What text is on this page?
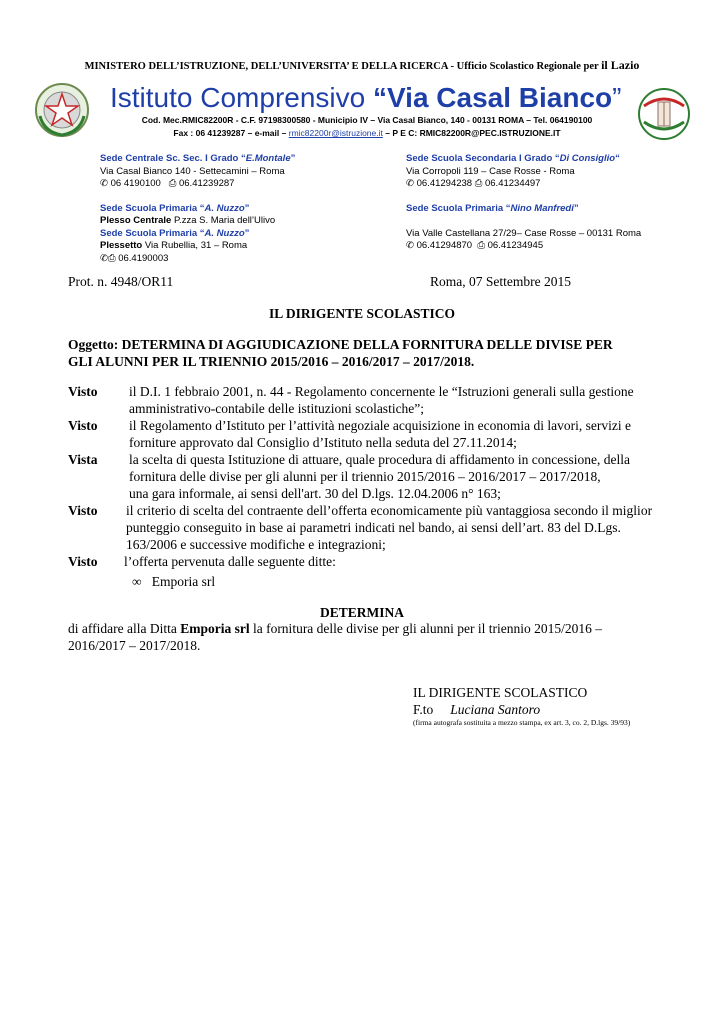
MINISTERO DELL’ISTRUZIONE, DELL’UNIVERSITA’ E DELLA RICERCA - Ufficio Scolastico Regionale per il Lazio
Istituto Comprensivo “Via Casal Bianco”
Cod. Mec.RMIC82200R - C.F. 97198300580 - Municipio IV – Via Casal Bianco, 140 - 00131 ROMA – Tel. 064190100
Fax : 06 41239287 – e-mail – rmic82200r@istruzione.it – P E C: RMIC82200R@PEC.ISTRUZIONE.IT
Sede Centrale Sc. Sec. I Grado “E.Montale”
Via Casal Bianco 140 - Settecamini – Roma
✆ 06 4190100 ⎙ 06.41239287
Sede Scuola Primaria “A. Nuzzo”
Plesso Centrale P.zza S. Maria dell’Ulivo
Sede Scuola Primaria “A. Nuzzo”
Plessetto Via Rubellia, 31 – Roma
✆⎙ 06.4190003
Sede Scuola Secondaria I Grado “Di Consiglio“
Via Corropoli 119 – Case Rosse - Roma
✆ 06.41294238 ⎙ 06.41234497
Sede Scuola Primaria “Nino Manfredi”
Via Valle Castellana 27/29– Case Rosse – 00131 Roma
✆ 06.41294870 ⎙ 06.41234945
Prot. n. 4948/OR11	Roma, 07 Settembre 2015
IL DIRIGENTE SCOLASTICO
Oggetto: DETERMINA DI AGGIUDICAZIONE DELLA FORNITURA DELLE DIVISE PER
GLI ALUNNI PER IL TRIENNIO 2015/2016 – 2016/2017 – 2017/2018.
Visto	il D.I. 1 febbraio 2001, n. 44 - Regolamento concernente le “Istruzioni generali sulla gestione
amministrativo-contabile delle istituzioni scolastiche”;
Visto	il Regolamento d’Istituto per l’attività negoziale acquisizione in economia di lavori, servizi e
forniture approvato dal Consiglio d’Istituto nella seduta del 27.11.2014;
Vista	la scelta di questa Istituzione di attuare, quale procedura di affidamento in concessione, della
fornitura delle divise per gli alunni per il triennio 2015/2016 – 2016/2017 – 2017/2018,
una gara informale, ai sensi dell'art. 30 del D.lgs. 12.04.2006 n° 163;
Visto	il criterio di scelta del contraente dell’offerta economicamente più vantaggiosa secondo il miglior
punteggio conseguito in base ai parametri indicati nel bando, ai sensi dell’art. 83 del D.Lgs.
163/2006 e successive modifiche e integrazioni;
Visto	l’offerta pervenuta dalle seguente ditte:
∞ Emporia srl
DETERMINA
di affidare alla Ditta Emporia srl la fornitura delle divise per gli alunni per il triennio 2015/2016 –
2016/2017 – 2017/2018.
IL DIRIGENTE SCOLASTICO
F.to Luciana Santoro
(firma autografa sostituita a mezzo stampa, ex art. 3, co. 2, D.lgs. 39/93)
